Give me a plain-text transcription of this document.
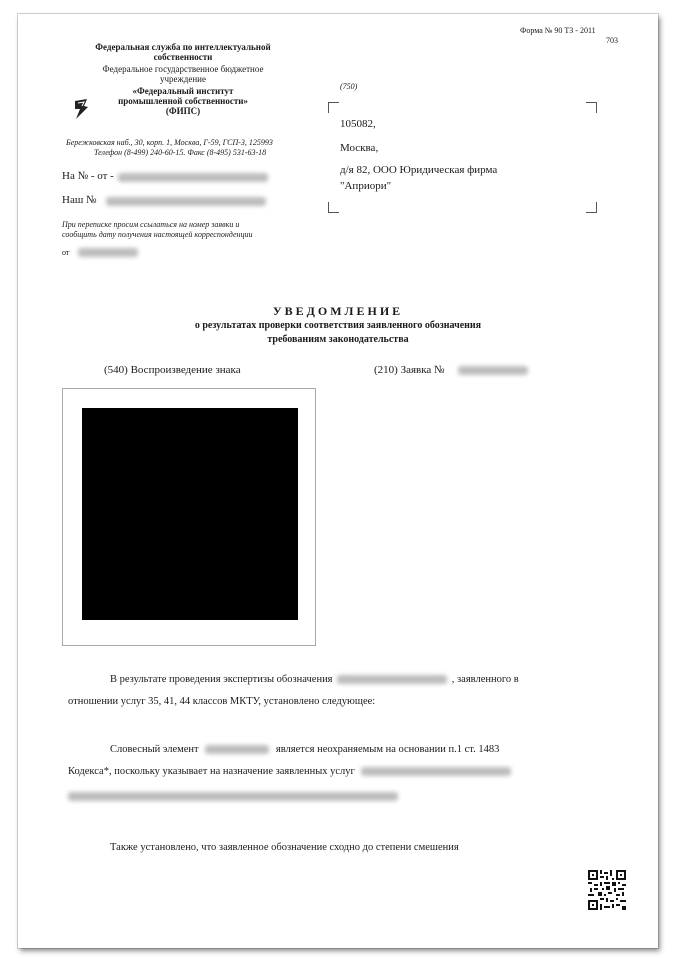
Форма № 90 ТЗ - 2011
703
Федеральная служба по интеллектуальной
собственности
Федеральное государственное бюджетное
учреждение
«Федеральный институт
промышленной собственности»
(ФИПС)
Бережковская наб., 30, корп. 1, Москва, Г-59, ГСП-3, 125993
Телефон (8-499) 240-60-15. Факс (8-495) 531-63-18
На № - от -
Наш №
При переписке просим ссылаться на номер заявки и
сообщить дату получения настоящей корреспонденции
от
(750)
105082,
Москва,
д/я 82, ООО Юридическая фирма
"Априори"
УВЕДОМЛЕНИЕ
о результатах проверки соответствия заявленного обозначения
требованиям законодательства
(540) Воспроизведение знака	(210) Заявка №
В результате проведения экспертизы обозначения	, заявленного в
отношении услуг 35, 41, 44 классов МКТУ, установлено следующее:
Словесный элемент	является неохраняемым на основании п.1 ст. 1483
Кодекса*, поскольку указывает на назначение заявленных услуг
Также установлено, что заявленное обозначение сходно до степени смешения
